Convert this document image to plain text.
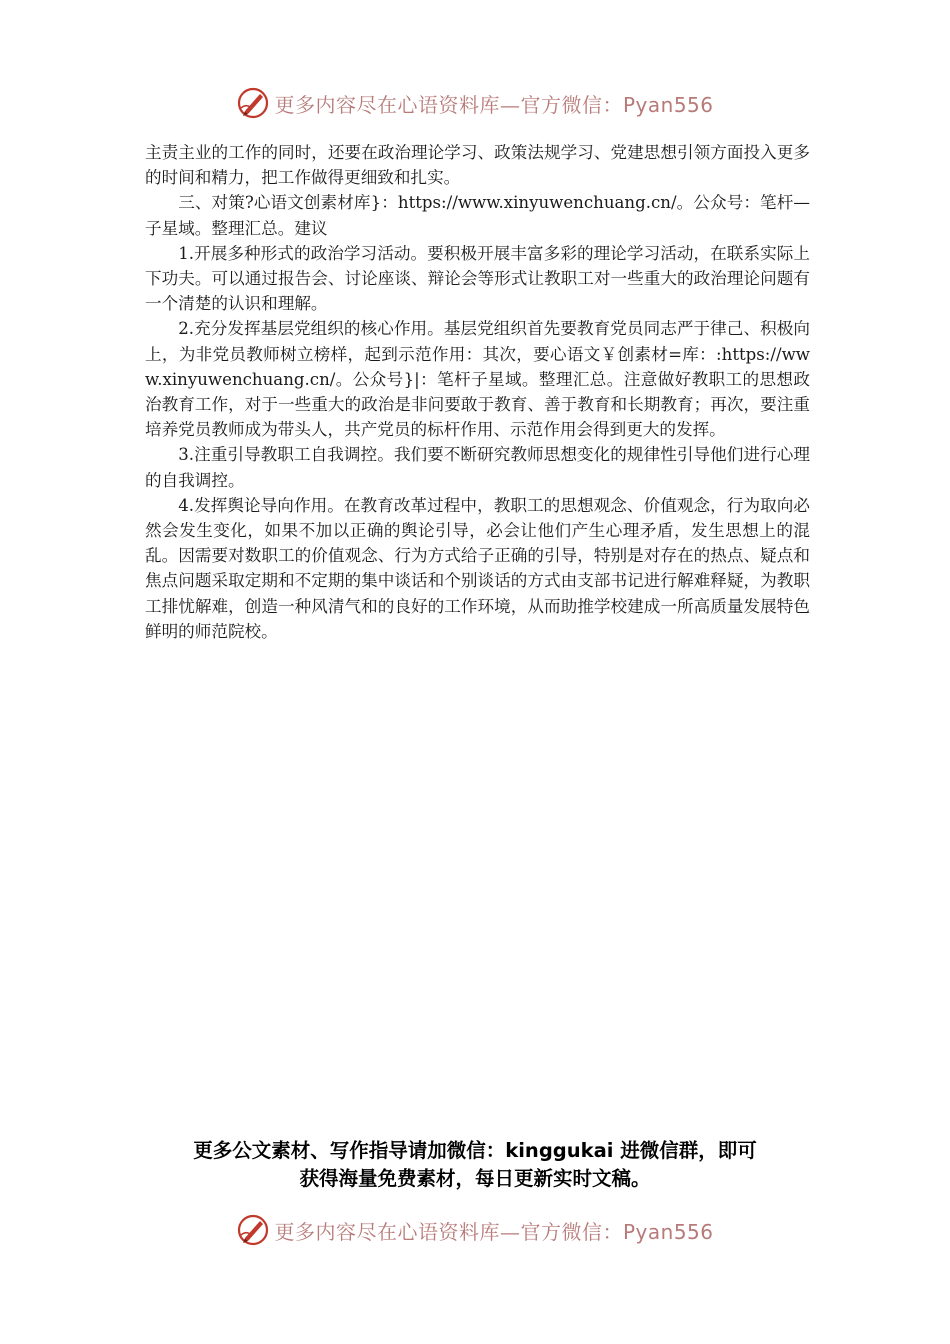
更多内容尽在心语资料库—官方微信：Pyan556

主责主业的工作的同时，还要在政治理论学习、政策法规学习、党建思想引领方面投入更多的时间和精力，把工作做得更细致和扎实。

三、对策?心语文创素材库}：https://www.xinyuwenchuang.cn/。公众号：笔杆—子星域。整理汇总。建议

1.开展多种形式的政治学习活动。要积极开展丰富多彩的理论学习活动，在联系实际上下功夫。可以通过报告会、讨论座谈、辩论会等形式让教职工对一些重大的政治理论问题有一个清楚的认识和理解。

2.充分发挥基层党组织的核心作用。基层党组织首先要教育党员同志严于律己、积极向上，为非党员教师树立榜样，起到示范作用：其次，要心语文￥创素材=库：:https://www.xinyuwenchuang.cn/。公众号}|：笔杆子星域。整理汇总。注意做好教职工的思想政治教育工作，对于一些重大的政治是非问要敢于教育、善于教育和长期教育；再次，要注重培养党员教师成为带头人，共产党员的标杆作用、示范作用会得到更大的发挥。

3.注重引导教职工自我调控。我们要不断研究教师思想变化的规律性引导他们进行心理的自我调控。

4.发挥舆论导向作用。在教育改革过程中，教职工的思想观念、价值观念，行为取向必然会发生变化，如果不加以正确的舆论引导，必会让他们产生心理矛盾，发生思想上的混乱。因需要对数职工的价值观念、行为方式给子正确的引导，特别是对存在的热点、疑点和焦点问题采取定期和不定期的集中谈话和个别谈话的方式由支部书记进行解难释疑，为教职工排忧解难，创造一种风清气和的良好的工作环境，从而助推学校建成一所高质量发展特色鲜明的师范院校。

更多公文素材、写作指导请加微信：kinggukai 进微信群，即可
获得海量免费素材，每日更新实时文稿。
更多内容尽在心语资料库—官方微信：Pyan556
